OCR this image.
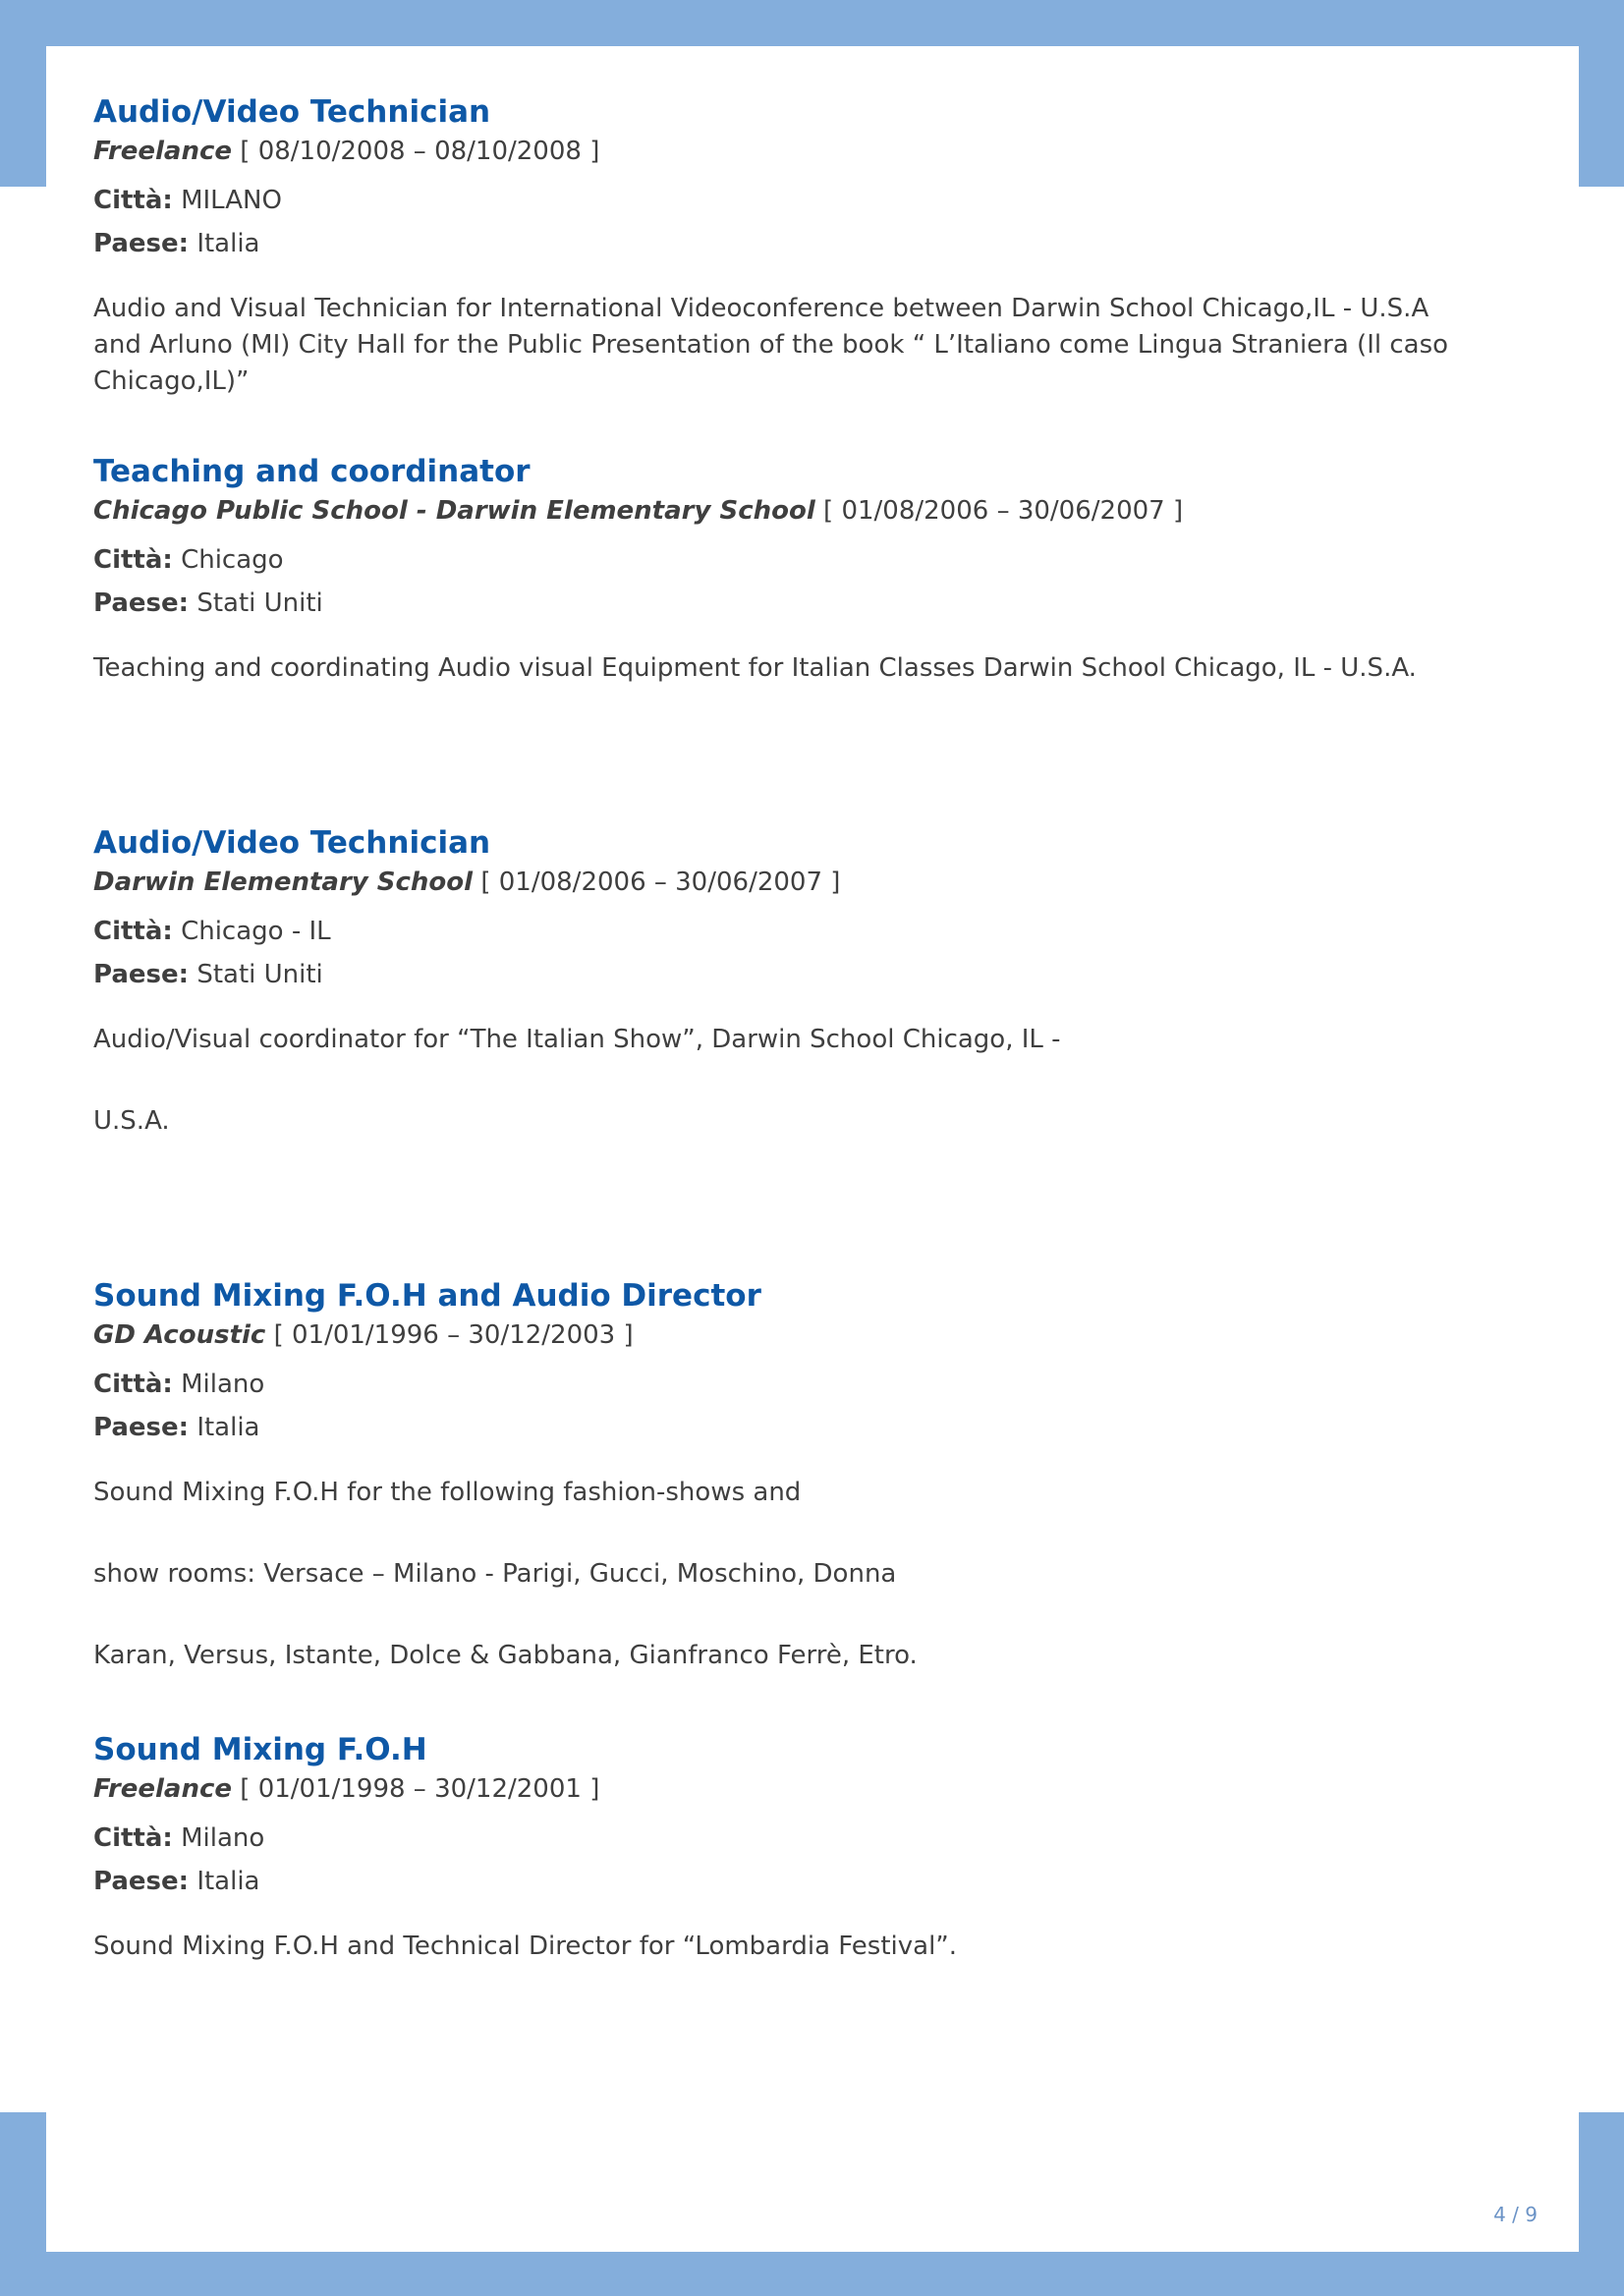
Audio/Video Technician

Freelance [ 08/10/2008 – 08/10/2008 ]

Città: MILANO

Paese: Italia

Audio and Visual Technician for International Videoconference between Darwin School Chicago,IL - U.S.A
and Arluno (MI) City Hall for the Public Presentation of the book “ L’Italiano come Lingua Straniera (Il caso
Chicago,IL)”
Teaching and coordinator

Chicago Public School - Darwin Elementary School [ 01/08/2006 – 30/06/2007 ]

Città: Chicago

Paese: Stati Uniti

Teaching and coordinating Audio visual Equipment for Italian Classes Darwin School Chicago, IL - U.S.A.
Audio/Video Technician

Darwin Elementary School [ 01/08/2006 – 30/06/2007 ]

Città: Chicago - IL

Paese: Stati Uniti

Audio/Visual coordinator for “The Italian Show”, Darwin School Chicago, IL -
U.S.A.
Sound Mixing F.O.H and Audio Director

GD Acoustic [ 01/01/1996 – 30/12/2003 ]

Città: Milano

Paese: Italia

Sound Mixing F.O.H for the following fashion-shows and
show rooms: Versace – Milano - Parigi, Gucci, Moschino, Donna
Karan, Versus, Istante, Dolce & Gabbana, Gianfranco Ferrè, Etro.
Sound Mixing F.O.H

Freelance [ 01/01/1998 – 30/12/2001 ]

Città: Milano

Paese: Italia

Sound Mixing F.O.H and Technical Director for “Lombardia Festival”.
4 / 9
